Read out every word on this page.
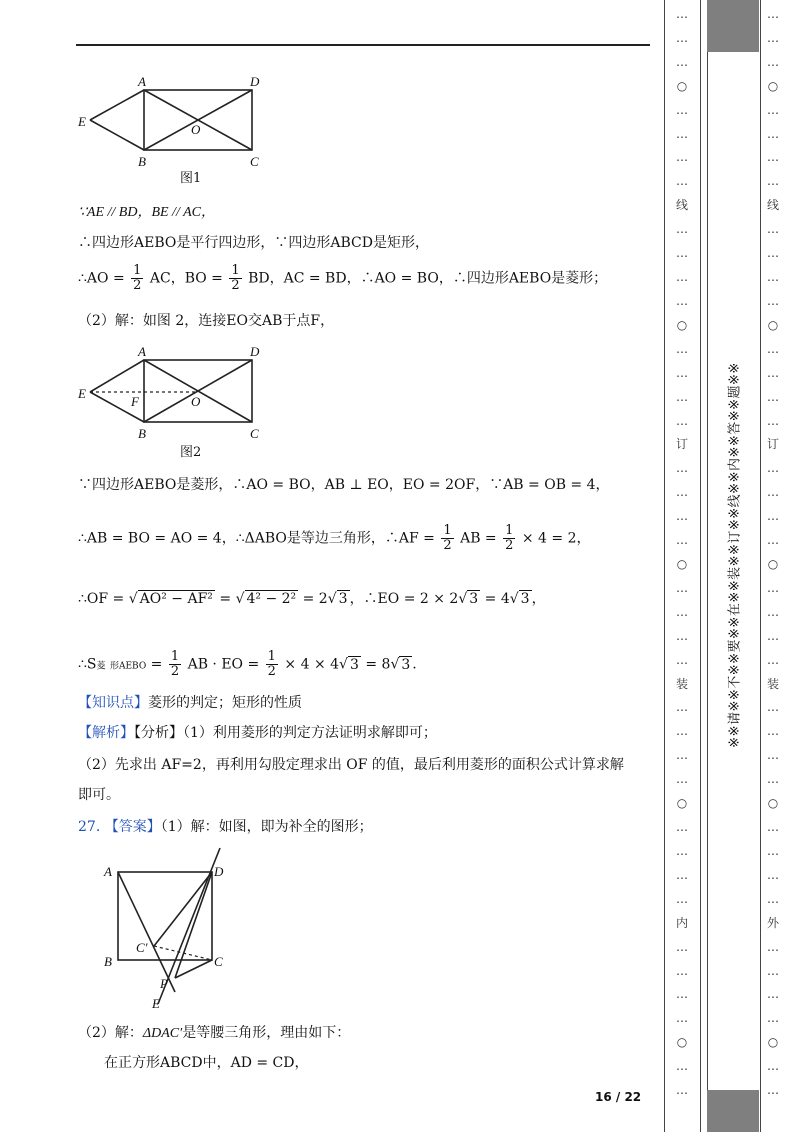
A	D
E
O
B	C
图1
A	D
E
F	O
B	C
图2
A	D
C′
B	C
P
E
∵AE // BD，BE // AC，
∴四边形AEBO是平行四边形，∵四边形ABCD是矩形，
∴AO = $\frac{1}{2}$ AC，BO = $\frac{1}{2}$ BD，AC = BD，∴AO = BO，∴四边形AEBO是菱形；
（2）解：如图 2，连接EO交AB于点F，
∵四边形AEBO是菱形，∴AO = BO，AB ⊥ EO，EO = 2OF，∵AB = OB = 4，
∴AB = BO = AO = 4，∴ΔABO是等边三角形，∴AF = $\frac{1}{2}$ AB = $\frac{1}{2} \times 4 = 2$，
∴OF = √ AO² − AF² = √ 4² − 2² = 2√ 3 ，∴EO = 2 × 2√ 3 = 4√ 3 ，
∴S菱 形AEBO = $\frac{1}{2}$ AB · EO = $\frac{1}{2} \times 4 \times 4√$ 3 = 8√ 3 .
【知识点】菱形的判定；矩形的性质
【解析】【分析】（1）利用菱形的判定方法证明求解即可；
（2）先求出 AF=2，再利用勾股定理求出 OF 的值，最后利用菱形的面积公式计算求解
即可。
27. 【答案】（1）解：如图，即为补全的图形；
（2）解：ΔDAC′是等腰三角形，理由如下：
在正方形ABCD中，AD = CD，
16 / 22
…
…
…
○
…
…
…
…
线
…
…
…
…
○
…
…
…
…
订
…
…
…
…
○
…
…
…
…
装
…
…
…
…
○
…
…
…
…
内
…
…
…
…
○
…
…
※※请※※不※※要※※在※※装※※订※※线※※内※※答※※题※※
…
…
…
○
…
…
…
…
线
…
…
…
…
○
…
…
…
…
订
…
…
…
…
○
…
…
…
…
装
…
…
…
…
○
…
…
…
…
外
…
…
…
…
○
…
…
